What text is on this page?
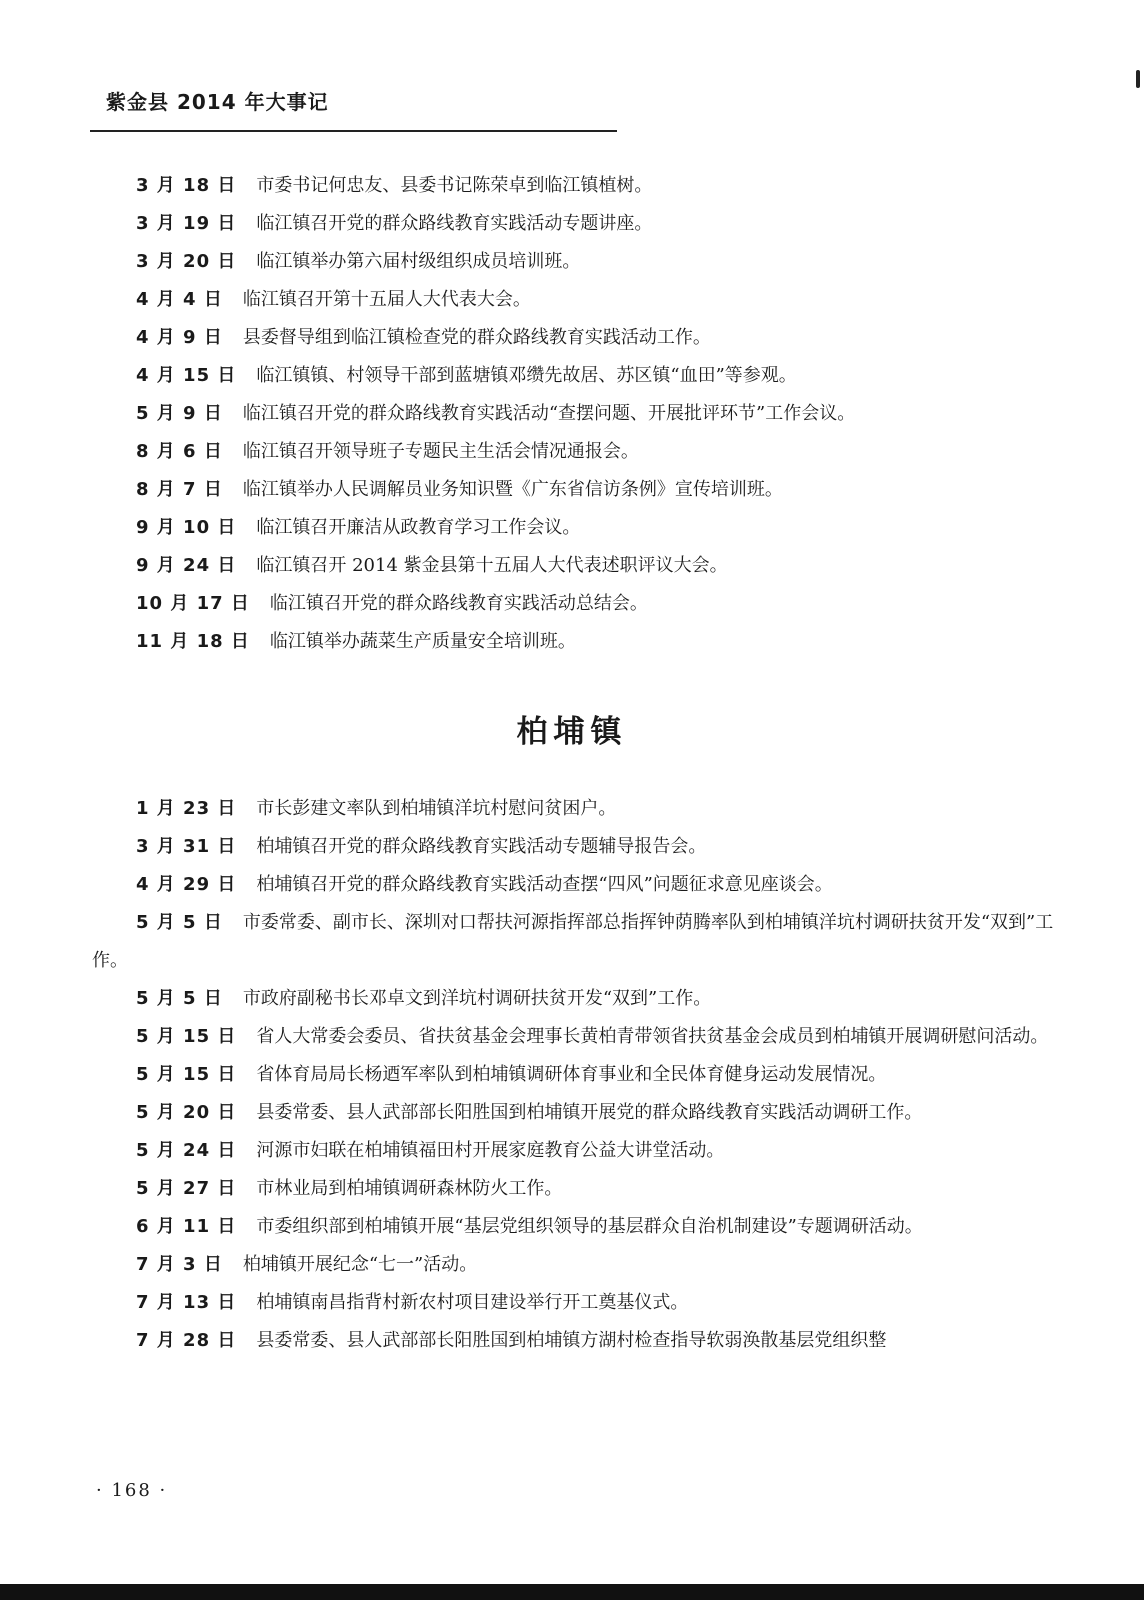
紫金县 2014 年大事记
3 月 18 日 市委书记何忠友、县委书记陈荣卓到临江镇植树。
3 月 19 日 临江镇召开党的群众路线教育实践活动专题讲座。
3 月 20 日 临江镇举办第六届村级组织成员培训班。
4 月 4 日 临江镇召开第十五届人大代表大会。
4 月 9 日 县委督导组到临江镇检查党的群众路线教育实践活动工作。
4 月 15 日 临江镇镇、村领导干部到蓝塘镇邓缵先故居、苏区镇“血田”等参观。
5 月 9 日 临江镇召开党的群众路线教育实践活动“查摆问题、开展批评环节”工作会议。
8 月 6 日 临江镇召开领导班子专题民主生活会情况通报会。
8 月 7 日 临江镇举办人民调解员业务知识暨《广东省信访条例》宣传培训班。
9 月 10 日 临江镇召开廉洁从政教育学习工作会议。
9 月 24 日 临江镇召开 2014 紫金县第十五届人大代表述职评议大会。
10 月 17 日 临江镇召开党的群众路线教育实践活动总结会。
11 月 18 日 临江镇举办蔬菜生产质量安全培训班。
柏埔镇
1 月 23 日 市长彭建文率队到柏埔镇洋坑村慰问贫困户。
3 月 31 日 柏埔镇召开党的群众路线教育实践活动专题辅导报告会。
4 月 29 日 柏埔镇召开党的群众路线教育实践活动查摆“四风”问题征求意见座谈会。
5 月 5 日 市委常委、副市长、深圳对口帮扶河源指挥部总指挥钟荫腾率队到柏埔镇洋坑村调研扶贫开发“双到”工作。
5 月 5 日 市政府副秘书长邓卓文到洋坑村调研扶贫开发“双到”工作。
5 月 15 日 省人大常委会委员、省扶贫基金会理事长黄柏青带领省扶贫基金会成员到柏埔镇开展调研慰问活动。
5 月 15 日 省体育局局长杨迺军率队到柏埔镇调研体育事业和全民体育健身运动发展情况。
5 月 20 日 县委常委、县人武部部长阳胜国到柏埔镇开展党的群众路线教育实践活动调研工作。
5 月 24 日 河源市妇联在柏埔镇福田村开展家庭教育公益大讲堂活动。
5 月 27 日 市林业局到柏埔镇调研森林防火工作。
6 月 11 日 市委组织部到柏埔镇开展“基层党组织领导的基层群众自治机制建设”专题调研活动。
7 月 3 日 柏埔镇开展纪念“七一”活动。
7 月 13 日 柏埔镇南昌指背村新农村项目建设举行开工奠基仪式。
7 月 28 日 县委常委、县人武部部长阳胜国到柏埔镇方湖村检查指导软弱涣散基层党组织整
· 168 ·
